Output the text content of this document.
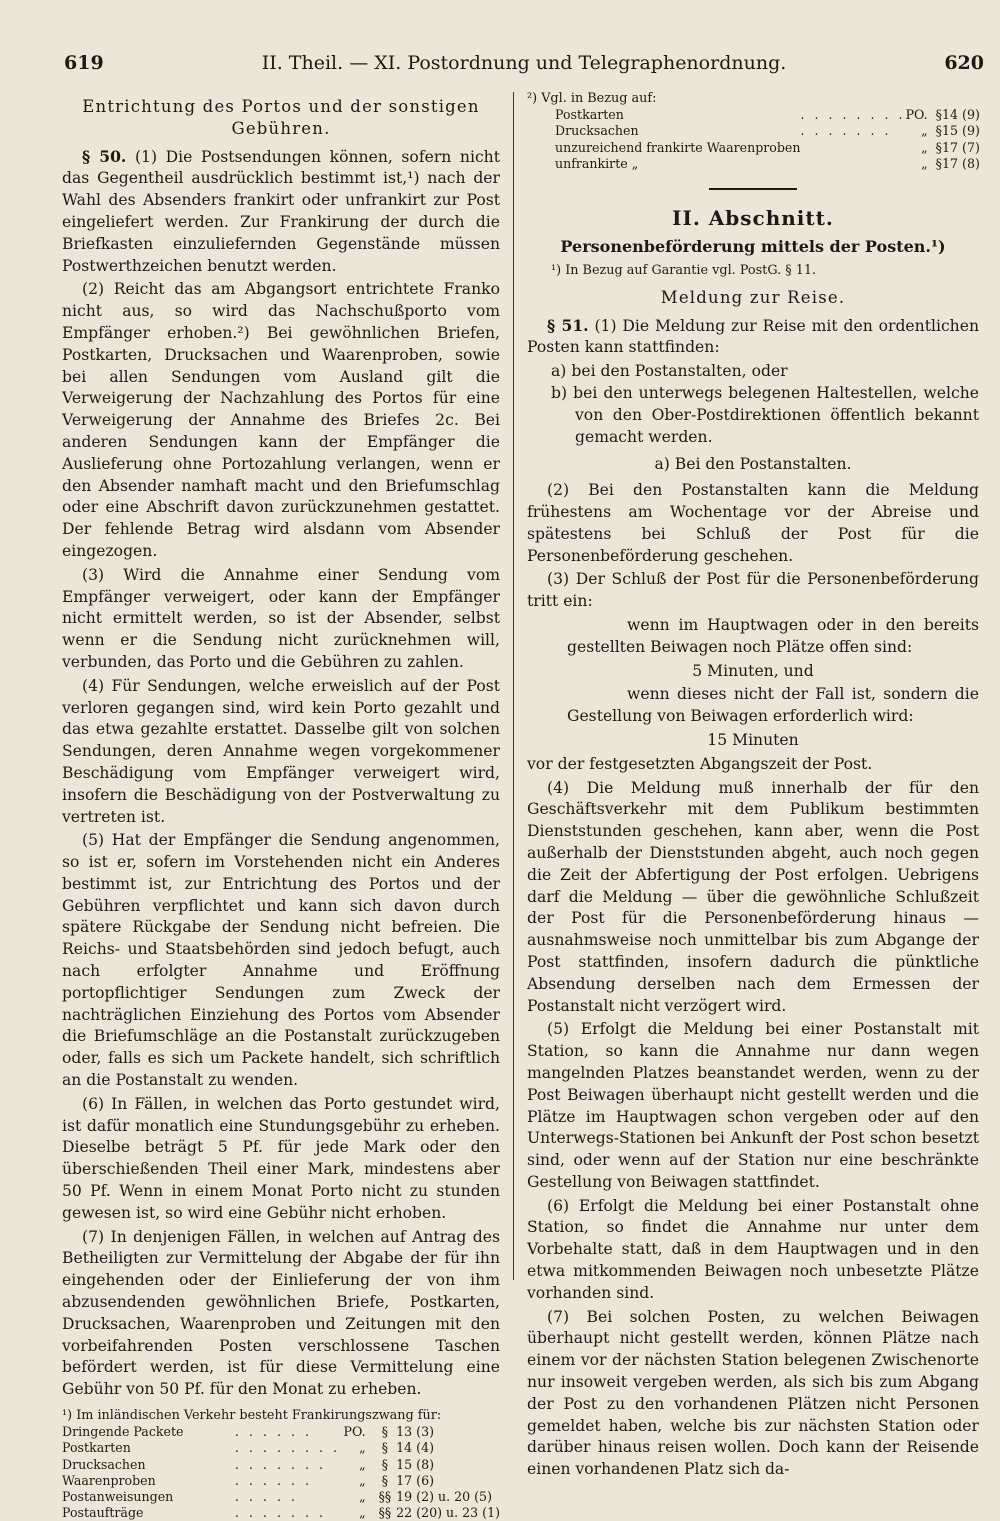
619	II. Theil. — XI. Postordnung und Telegraphenordnung.	620
Entrichtung des Portos und der sonstigen Gebühren.

§ 50. (1) Die Postsendungen können, sofern nicht das Gegentheil ausdrücklich bestimmt ist,¹) nach der Wahl des Absenders frankirt oder unfrankirt zur Post eingeliefert werden. Zur Frankirung der durch die Briefkasten einzuliefernden Gegenstände müssen Postwerthzeichen benutzt werden.

(2) Reicht das am Abgangsort entrichtete Franko nicht aus, so wird das Nachschußporto vom Empfänger erhoben.²) Bei gewöhnlichen Briefen, Postkarten, Drucksachen und Waarenproben, sowie bei allen Sendungen vom Ausland gilt die Verweigerung der Nachzahlung des Portos für eine Verweigerung der Annahme des Briefes 2c. Bei anderen Sendungen kann der Empfänger die Auslieferung ohne Portozahlung verlangen, wenn er den Absender namhaft macht und den Briefumschlag oder eine Abschrift davon zurückzunehmen gestattet. Der fehlende Betrag wird alsdann vom Absender eingezogen.

(3) Wird die Annahme einer Sendung vom Empfänger verweigert, oder kann der Empfänger nicht ermittelt werden, so ist der Absender, selbst wenn er die Sendung nicht zurücknehmen will, verbunden, das Porto und die Gebühren zu zahlen.

(4) Für Sendungen, welche erweislich auf der Post verloren gegangen sind, wird kein Porto gezahlt und das etwa gezahlte erstattet. Dasselbe gilt von solchen Sendungen, deren Annahme wegen vorgekommener Beschädigung vom Empfänger verweigert wird, insofern die Beschädigung von der Postverwaltung zu vertreten ist.

(5) Hat der Empfänger die Sendung angenommen, so ist er, sofern im Vorstehenden nicht ein Anderes bestimmt ist, zur Entrichtung des Portos und der Gebühren verpflichtet und kann sich davon durch spätere Rückgabe der Sendung nicht befreien. Die Reichs- und Staatsbehörden sind jedoch befugt, auch nach erfolgter Annahme und Eröffnung portopflichtiger Sendungen zum Zweck der nachträglichen Einziehung des Portos vom Absender die Briefumschläge an die Postanstalt zurückzugeben oder, falls es sich um Packete handelt, sich schriftlich an die Postanstalt zu wenden.

(6) In Fällen, in welchen das Porto gestundet wird, ist dafür monatlich eine Stundungsgebühr zu erheben. Dieselbe beträgt 5 Pf. für jede Mark oder den überschießenden Theil einer Mark, mindestens aber 50 Pf. Wenn in einem Monat Porto nicht zu stunden gewesen ist, so wird eine Gebühr nicht erhoben.

(7) In denjenigen Fällen, in welchen auf Antrag des Betheiligten zur Vermittelung der Abgabe der für ihn eingehenden oder der Einlieferung der von ihm abzusendenden gewöhnlichen Briefe, Postkarten, Drucksachen, Waarenproben und Zeitungen mit den vorbeifahrenden Posten verschlossene Taschen befördert werden, ist für diese Vermittelung eine Gebühr von 50 Pf. für den Monat zu erheben.

¹) Im inländischen Verkehr besteht Frankirungszwang für:
Dringende Packete	. . . . . .	PO.	§	13 (3)
Postkarten	. . . . . . . .	„	§	14 (4)
Drucksachen	. . . . . . .	„	§	15 (8)
Waarenproben	. . . . . .	„	§	17 (6)
Postanweisungen	. . . . .	„	§§	19 (2) u. 20 (5)
Postaufträge	. . . . . . .	„	§§	22 (20) u. 23 (1)
²) Vgl. in Bezug auf:
Postkarten	. . . . . . . .	PO.	§	14 (9)
Drucksachen	. . . . . . .	„	§	15 (9)
unzureichend frankirte Waarenproben		„	§	17 (7)
unfrankirte „		„	§	17 (8)
II. Abschnitt.
Personenbeförderung mittels der Posten.¹)
¹) In Bezug auf Garantie vgl. PostG. § 11.
Meldung zur Reise.

§ 51. (1) Die Meldung zur Reise mit den ordentlichen Posten kann stattfinden:

a) bei den Postanstalten, oder
b) bei den unterwegs belegenen Haltestellen, welche von den Ober-Postdirektionen öffentlich bekannt gemacht werden.
a) Bei den Postanstalten.

(2) Bei den Postanstalten kann die Meldung frühestens am Wochentage vor der Abreise und spätestens bei Schluß der Post für die Personenbeförderung geschehen.

(3) Der Schluß der Post für die Personenbeförderung tritt ein:

wenn im Hauptwagen oder in den bereits gestellten Beiwagen noch Plätze offen sind:

5 Minuten, und

wenn dieses nicht der Fall ist, sondern die Gestellung von Beiwagen erforderlich wird:

15 Minuten

vor der festgesetzten Abgangszeit der Post.

(4) Die Meldung muß innerhalb der für den Geschäftsverkehr mit dem Publikum bestimmten Dienststunden geschehen, kann aber, wenn die Post außerhalb der Dienststunden abgeht, auch noch gegen die Zeit der Abfertigung der Post erfolgen. Uebrigens darf die Meldung — über die gewöhnliche Schlußzeit der Post für die Personenbeförderung hinaus — ausnahmsweise noch unmittelbar bis zum Abgange der Post stattfinden, insofern dadurch die pünktliche Absendung derselben nach dem Ermessen der Postanstalt nicht verzögert wird.

(5) Erfolgt die Meldung bei einer Postanstalt mit Station, so kann die Annahme nur dann wegen mangelnden Platzes beanstandet werden, wenn zu der Post Beiwagen überhaupt nicht gestellt werden und die Plätze im Hauptwagen schon vergeben oder auf den Unterwegs-Stationen bei Ankunft der Post schon besetzt sind, oder wenn auf der Station nur eine beschränkte Gestellung von Beiwagen stattfindet.

(6) Erfolgt die Meldung bei einer Postanstalt ohne Station, so findet die Annahme nur unter dem Vorbehalte statt, daß in dem Hauptwagen und in den etwa mitkommenden Beiwagen noch unbesetzte Plätze vorhanden sind.

(7) Bei solchen Posten, zu welchen Beiwagen überhaupt nicht gestellt werden, können Plätze nach einem vor der nächsten Station belegenen Zwischenorte nur insoweit vergeben werden, als sich bis zum Abgang der Post zu den vorhandenen Plätzen nicht Personen gemeldet haben, welche bis zur nächsten Station oder darüber hinaus reisen wollen. Doch kann der Reisende einen vorhandenen Platz sich da-
